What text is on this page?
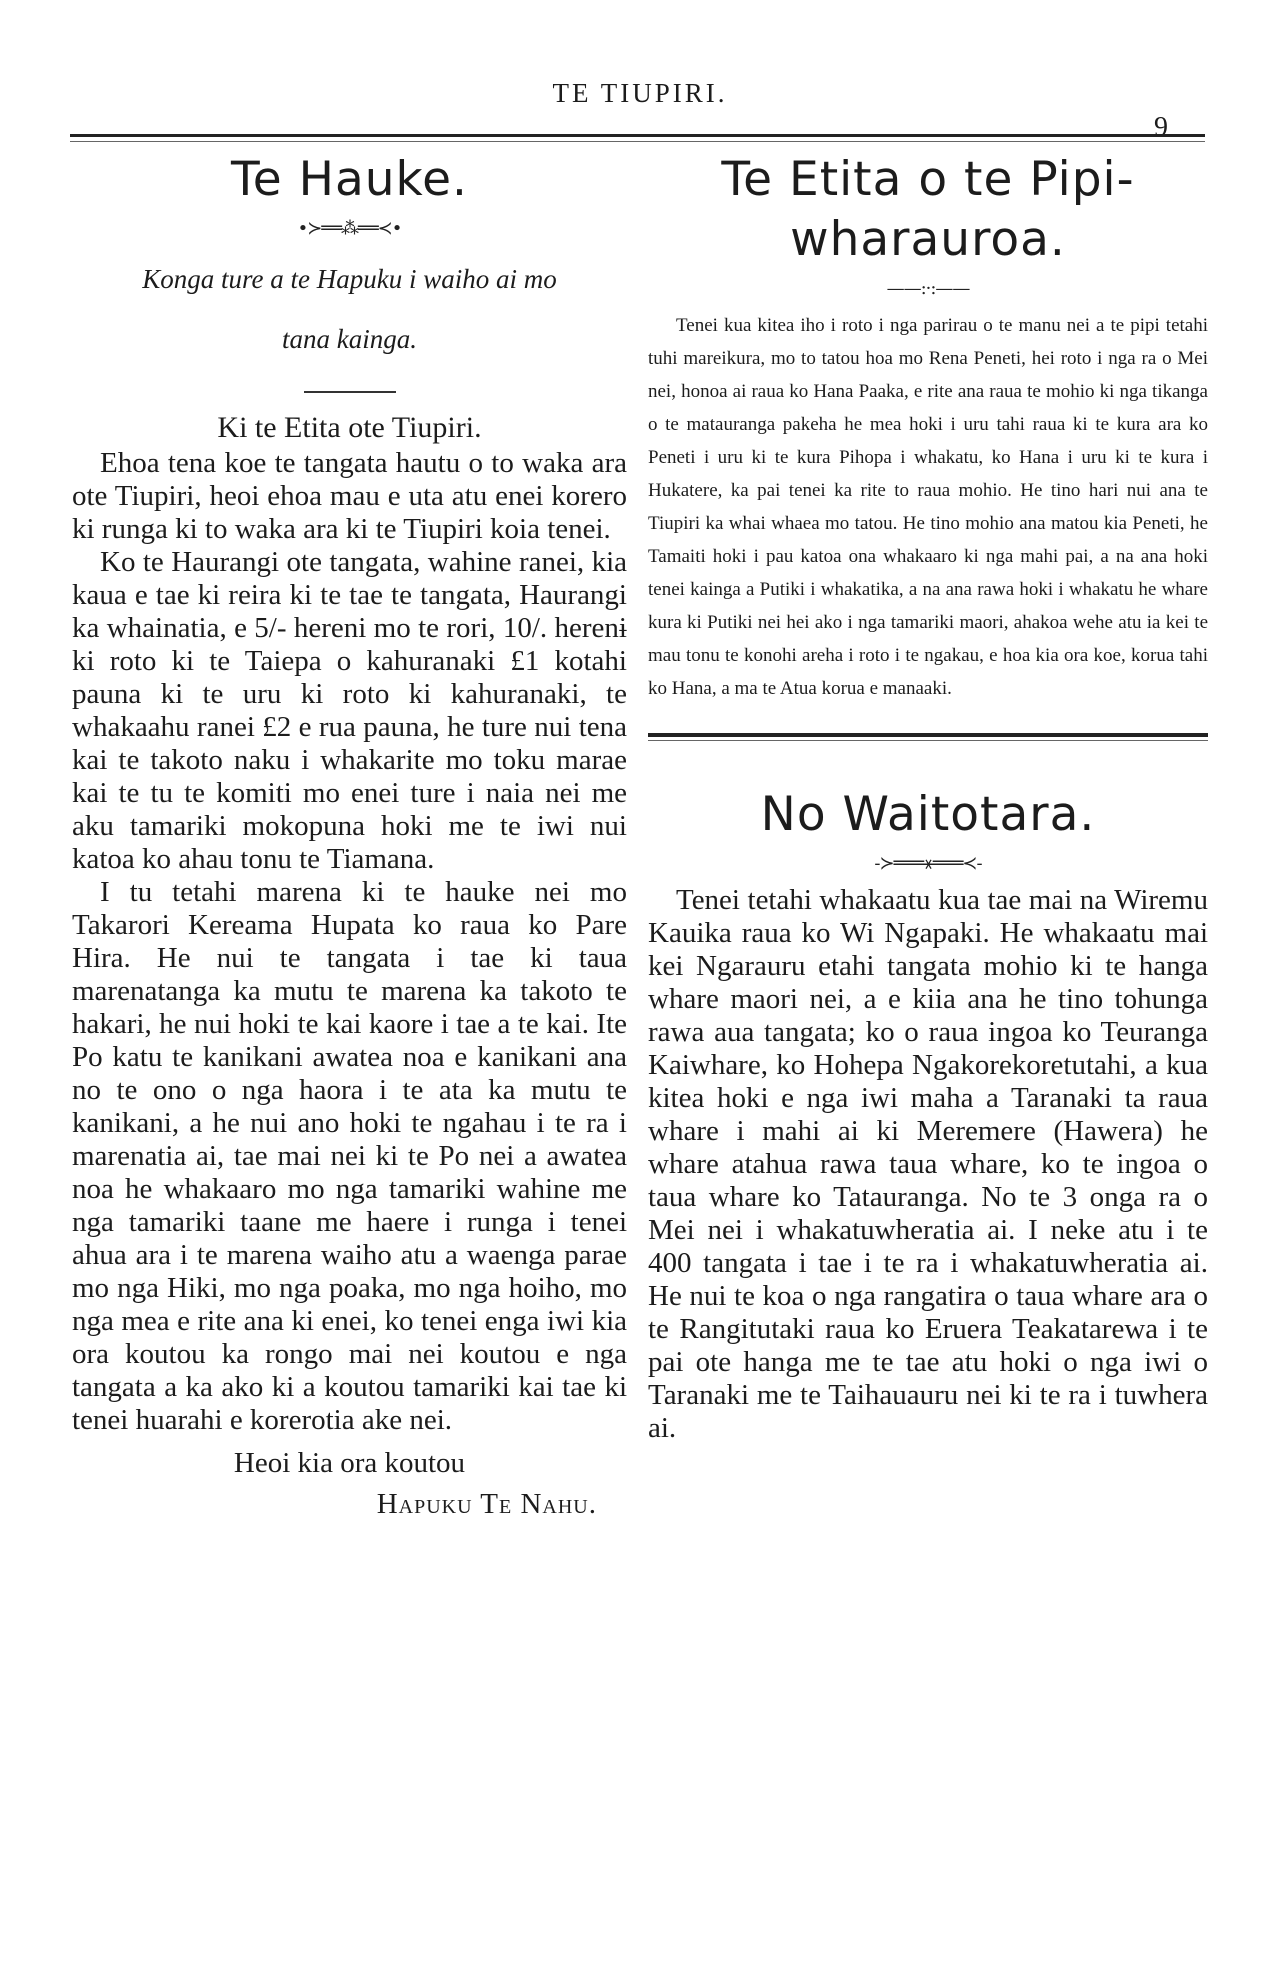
TE TIUPIRI.
9
Te Hauke.
•≻══⁂══≺•

Konga ture a te Hapuku i waiho ai mo
tana kainga.

Ki te Etita ote Tiupiri.

Ehoa tena koe te tangata hautu o to waka ara ote Tiupiri, heoi ehoa mau e uta atu enei korero ki runga ki to waka ara ki te Tiupiri koia tenei.

Ko te Haurangi ote tangata, wahine ranei, kia kaua e tae ki reira ki te tae te tangata, Haurangi ka whainatia, e 5/- hereni mo te rori, 10/. herenɨ ki roto ki te Taiepa o kahuranaki £1 kotahi pauna ki te uru ki roto ki kahuranaki, te whakaahu ranei £2 e rua pauna, he ture nui tena kai te takoto naku i whakarite mo toku marae kai te tu te komiti mo enei ture i naia nei me aku tamariki mokopuna hoki me te iwi nui katoa ko ahau tonu te Tiamana.

I tu tetahi marena ki te hauke nei mo Takarori Kereama Hupata ko raua ko Pare Hira. He nui te tangata i tae ki taua marenatanga ka mutu te marena ka takoto te hakari, he nui hoki te kai kaore i tae a te kai. Ite Po katu te kanikani awatea noa e kanikani ana no te ono o nga haora i te ata ka mutu te kanikani, a he nui ano hoki te ngahau i te ra i marenatia ai, tae mai nei ki te Po nei a awatea noa he whakaaro mo nga tamariki wahine me nga tamariki taane me haere i runga i tenei ahua ara i te marena waiho atu a waenga parae mo nga Hiki, mo nga poaka, mo nga hoiho, mo nga mea e rite ana ki enei, ko tenei enga iwi kia ora koutou ka rongo mai nei koutou e nga tangata a ka ako ki a koutou tamariki kai tae ki tenei huarahi e korerotia ake nei.

Heoi kia ora koutou
Hapuku Te Nahu.
Te Etita o te Pipi-
wharauroa.
——:·:——

Tenei kua kitea iho i roto i nga parirau o te manu nei a te pipi tetahi tuhi mareikura, mo to tatou hoa mo Rena Peneti, hei roto i nga ra o Mei nei, honoa ai raua ko Hana Paaka, e rite ana raua te mohio ki nga tikanga o te matauranga pakeha he mea hoki i uru tahi raua ki te kura ara ko Peneti i uru ki te kura Pihopa i whakatu, ko Hana i uru ki te kura i Hukatere, ka pai tenei ka rite to raua mohio. He tino hari nui ana te Tiupiri ka whai whaea mo tatou. He tino mohio ana matou kia Peneti, he Tamaiti hoki i pau katoa ona whakaaro ki nga mahi pai, a na ana hoki tenei kainga a Putiki i whakatika, a na ana rawa hoki i whakatu he whare kura ki Putiki nei hei ako i nga tamariki maori, ahakoa wehe atu ia kei te mau tonu te konohi areha i roto i te ngakau, e hoa kia ora koe, korua tahi ko Hana, a ma te Atua korua e manaaki.

No Waitotara.
-≻═══⚹═══≺-

Tenei tetahi whakaatu kua tae mai na Wiremu Kauika raua ko Wi Ngapaki. He whakaatu mai kei Ngarauru etahi tangata mohio ki te hanga whare maori nei, a e kiia ana he tino tohunga rawa aua tangata; ko o raua ingoa ko Teuranga Kaiwhare, ko Hohepa Ngakorekoretutahi, a kua kitea hoki e nga iwi maha a Taranaki ta raua whare i mahi ai ki Meremere (Hawera) he whare atahua rawa taua whare, ko te ingoa o taua whare ko Tatauranga. No te 3 onga ra o Mei nei i whakatuwheratia ai. I neke atu i te 400 tangata i tae i te ra i whakatuwheratia ai. He nui te koa o nga rangatira o taua whare ara o te Rangitutaki raua ko Eruera Teakatarewa i te pai ote hanga me te tae atu hoki o nga iwi o Taranaki me te Taihauauru nei ki te ra i tuwhera ai.
